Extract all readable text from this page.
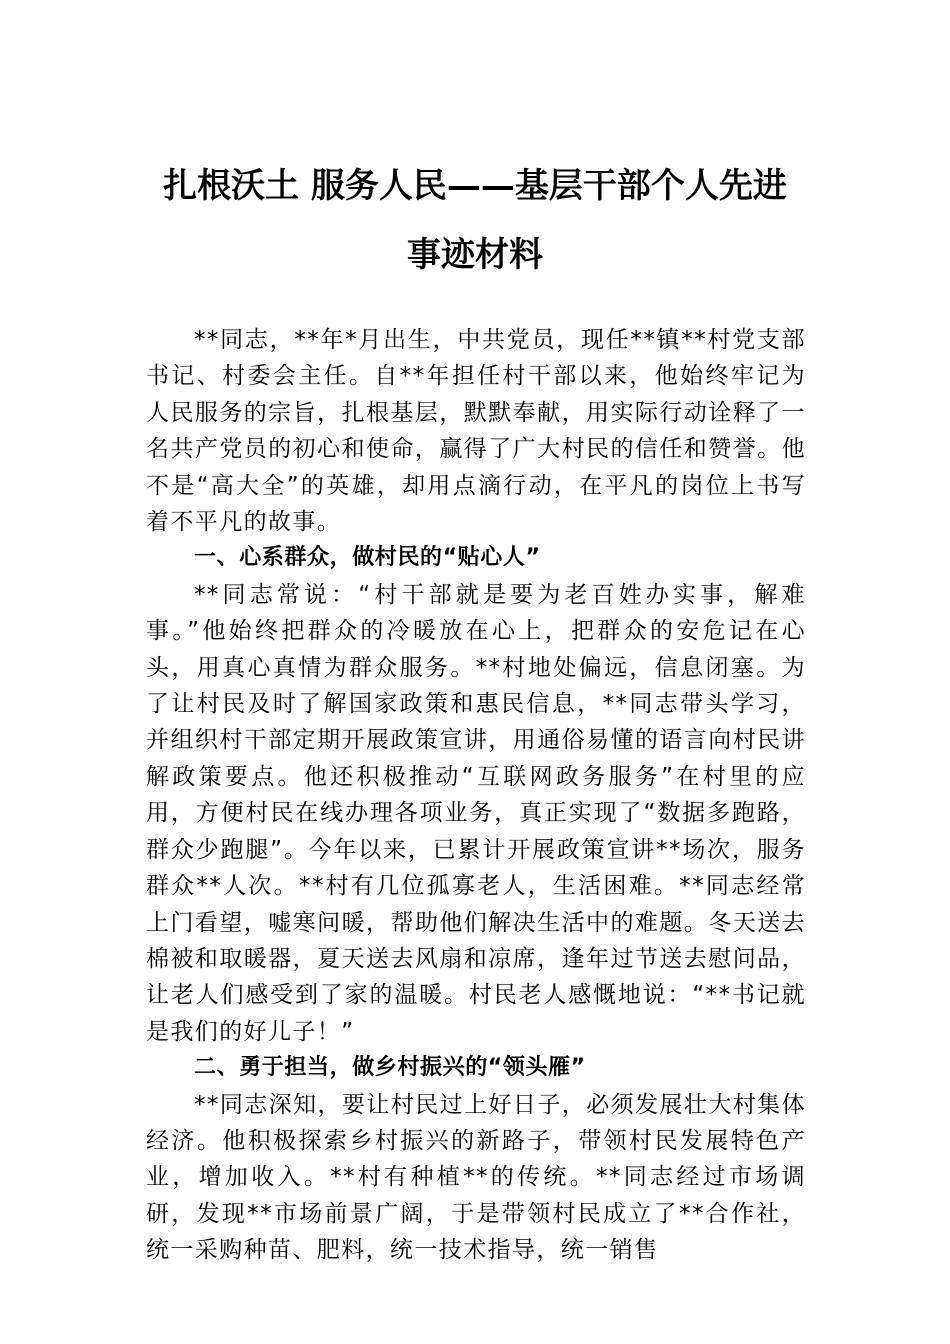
扎根沃土 服务人民——基层干部个人先进
事迹材料

**同志，**年*月出生，中共党员，现任**镇**村党支部书记、村委会主任。自**年担任村干部以来，他始终牢记为人民服务的宗旨，扎根基层，默默奉献，用实际行动诠释了一名共产党员的初心和使命，赢得了广大村民的信任和赞誉。他不是“高大全”的英雄，却用点滴行动，在平凡的岗位上书写着不平凡的故事。

一、心系群众，做村民的“贴心人”

**同志常说：“村干部就是要为老百姓办实事，解难事。”他始终把群众的冷暖放在心上，把群众的安危记在心头，用真心真情为群众服务。**村地处偏远，信息闭塞。为了让村民及时了解国家政策和惠民信息，**同志带头学习，并组织村干部定期开展政策宣讲，用通俗易懂的语言向村民讲解政策要点。他还积极推动“互联网政务服务”在村里的应用，方便村民在线办理各项业务，真正实现了“数据多跑路，群众少跑腿”。今年以来，已累计开展政策宣讲**场次，服务群众**人次。**村有几位孤寡老人，生活困难。**同志经常上门看望，嘘寒问暖，帮助他们解决生活中的难题。冬天送去棉被和取暖器，夏天送去风扇和凉席，逢年过节送去慰问品，让老人们感受到了家的温暖。村民老人感慨地说：“**书记就是我们的好儿子！”

二、勇于担当，做乡村振兴的“领头雁”

**同志深知，要让村民过上好日子，必须发展壮大村集体经济。他积极探索乡村振兴的新路子，带领村民发展特色产业，增加收入。**村有种植**的传统。**同志经过市场调研，发现**市场前景广阔，于是带领村民成立了**合作社，统一采购种苗、肥料，统一技术指导，统一销售
